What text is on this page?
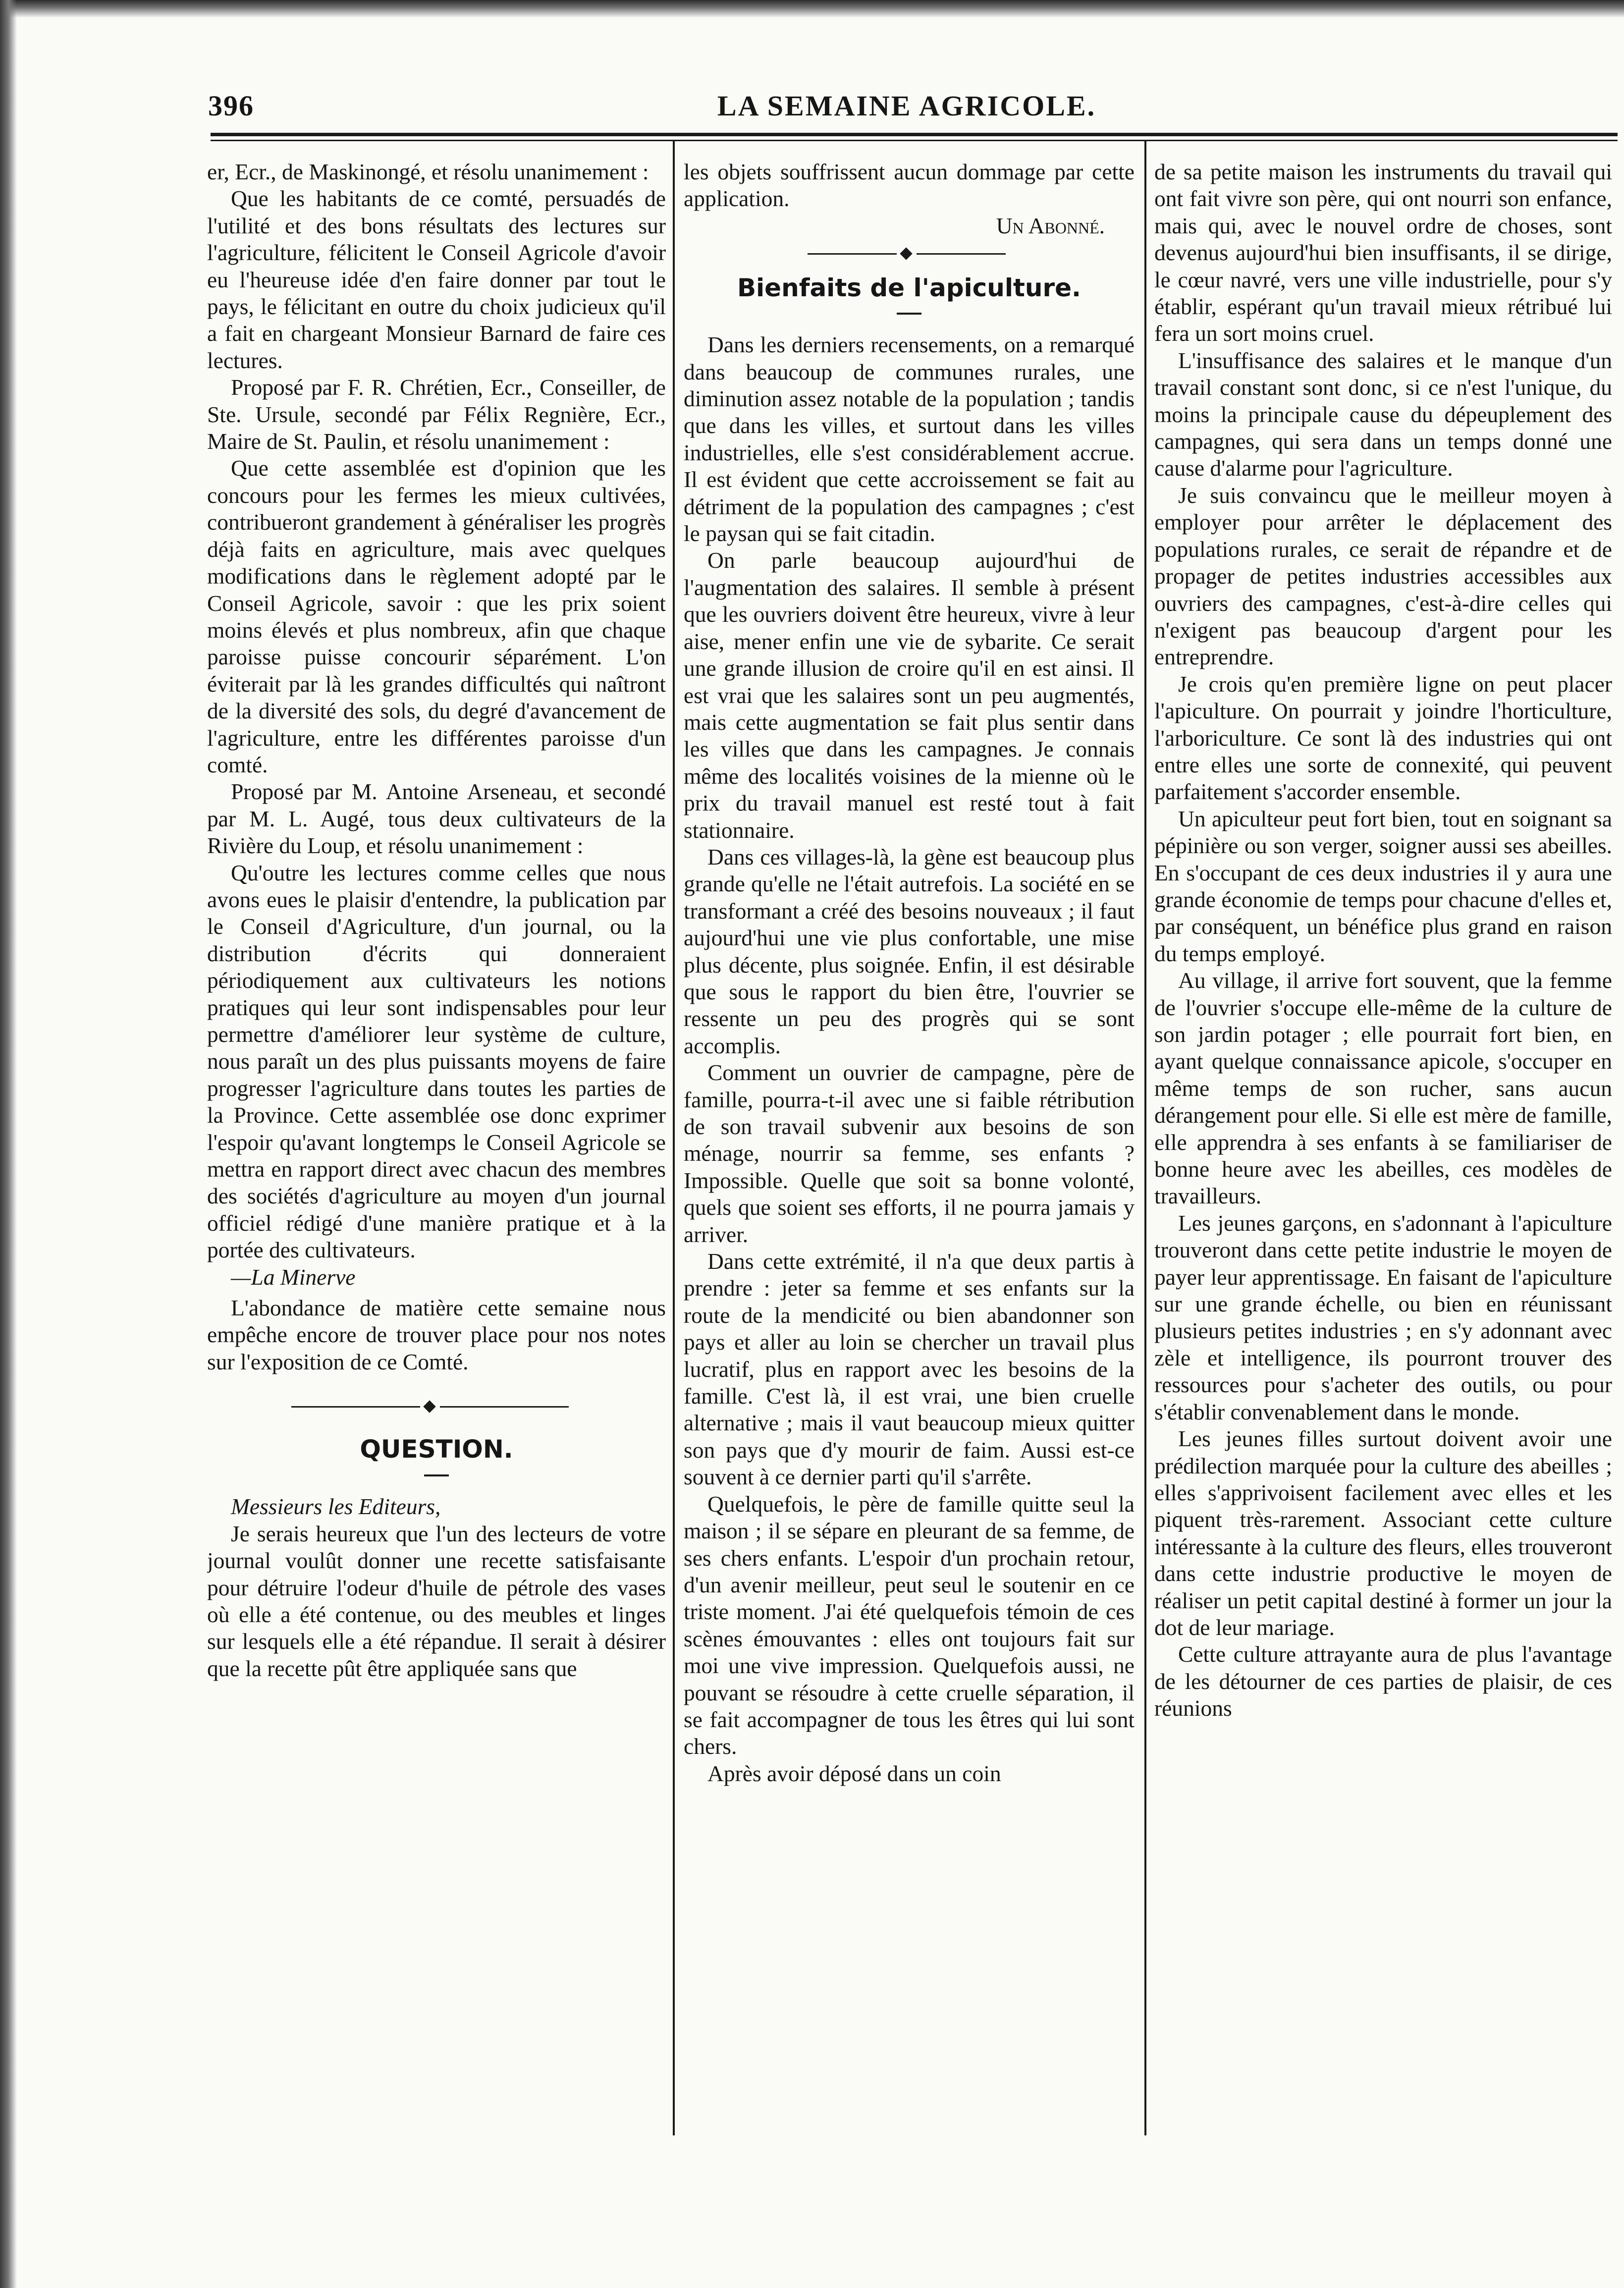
396	LA SEMAINE AGRICOLE.

er, Ecr., de Maskinongé, et résolu unanimement :

Que les habitants de ce comté, persuadés de l'utilité et des bons résultats des lectures sur l'agriculture, félicitent le Conseil Agricole d'avoir eu l'heureuse idée d'en faire donner par tout le pays, le félicitant en outre du choix judicieux qu'il a fait en chargeant Monsieur Barnard de faire ces lectures.

Proposé par F. R. Chrétien, Ecr., Conseiller, de Ste. Ursule, secondé par Félix Regnière, Ecr., Maire de St. Paulin, et résolu unanimement :

Que cette assemblée est d'opinion que les concours pour les fermes les mieux cultivées, contribueront grandement à généraliser les progrès déjà faits en agriculture, mais avec quelques modifications dans le règlement adopté par le Conseil Agricole, savoir : que les prix soient moins élevés et plus nombreux, afin que chaque paroisse puisse concourir séparément. L'on éviterait par là les grandes difficultés qui naîtront de la diversité des sols, du degré d'avancement de l'agriculture, entre les différentes paroisse d'un comté.

Proposé par M. Antoine Arseneau, et secondé par M. L. Augé, tous deux cultivateurs de la Rivière du Loup, et résolu unanimement :

Qu'outre les lectures comme celles que nous avons eues le plaisir d'entendre, la publication par le Conseil d'Agriculture, d'un journal, ou la distribution d'écrits qui donneraient périodiquement aux cultivateurs les notions pratiques qui leur sont indispensables pour leur permettre d'améliorer leur système de culture, nous paraît un des plus puissants moyens de faire progresser l'agriculture dans toutes les parties de la Province. Cette assemblée ose donc exprimer l'espoir qu'avant longtemps le Conseil Agricole se mettra en rapport direct avec chacun des membres des sociétés d'agriculture au moyen d'un journal officiel rédigé d'une manière pratique et à la portée des cultivateurs.

—La Minerve

L'abondance de matière cette semaine nous empêche encore de trouver place pour nos notes sur l'exposition de ce Comté.

QUESTION.

Messieurs les Editeurs,

Je serais heureux que l'un des lecteurs de votre journal voulût donner une recette satisfaisante pour détruire l'odeur d'huile de pétrole des vases où elle a été contenue, ou des meubles et linges sur lesquels elle a été répandue. Il serait à désirer que la recette pût être appliquée sans que

les objets souffrissent aucun dommage par cette application.

Un Abonné.

Bienfaits de l'apiculture.

Dans les derniers recensements, on a remarqué dans beaucoup de communes rurales, une diminution assez notable de la population ; tandis que dans les villes, et surtout dans les villes industrielles, elle s'est considérablement accrue. Il est évident que cette accroissement se fait au détriment de la population des campagnes ; c'est le paysan qui se fait citadin.

On parle beaucoup aujourd'hui de l'augmentation des salaires. Il semble à présent que les ouvriers doivent être heureux, vivre à leur aise, mener enfin une vie de sybarite. Ce serait une grande illusion de croire qu'il en est ainsi. Il est vrai que les salaires sont un peu augmentés, mais cette augmentation se fait plus sentir dans les villes que dans les campagnes. Je connais même des localités voisines de la mienne où le prix du travail manuel est resté tout à fait stationnaire.

Dans ces villages-là, la gène est beaucoup plus grande qu'elle ne l'était autrefois. La société en se transformant a créé des besoins nouveaux ; il faut aujourd'hui une vie plus confortable, une mise plus décente, plus soignée. Enfin, il est désirable que sous le rapport du bien être, l'ouvrier se ressente un peu des progrès qui se sont accomplis.

Comment un ouvrier de campagne, père de famille, pourra-t-il avec une si faible rétribution de son travail subvenir aux besoins de son ménage, nourrir sa femme, ses enfants ? Impossible. Quelle que soit sa bonne volonté, quels que soient ses efforts, il ne pourra jamais y arriver.

Dans cette extrémité, il n'a que deux partis à prendre : jeter sa femme et ses enfants sur la route de la mendicité ou bien abandonner son pays et aller au loin se chercher un travail plus lucratif, plus en rapport avec les besoins de la famille. C'est là, il est vrai, une bien cruelle alternative ; mais il vaut beaucoup mieux quitter son pays que d'y mourir de faim. Aussi est-ce souvent à ce dernier parti qu'il s'arrête.

Quelquefois, le père de famille quitte seul la maison ; il se sépare en pleurant de sa femme, de ses chers enfants. L'espoir d'un prochain retour, d'un avenir meilleur, peut seul le soutenir en ce triste moment. J'ai été quelquefois témoin de ces scènes émouvantes : elles ont toujours fait sur moi une vive impression. Quelquefois aussi, ne pouvant se résoudre à cette cruelle séparation, il se fait accompagner de tous les êtres qui lui sont chers.

Après avoir déposé dans un coin

de sa petite maison les instruments du travail qui ont fait vivre son père, qui ont nourri son enfance, mais qui, avec le nouvel ordre de choses, sont devenus aujourd'hui bien insuffisants, il se dirige, le cœur navré, vers une ville industrielle, pour s'y établir, espérant qu'un travail mieux rétribué lui fera un sort moins cruel.

L'insuffisance des salaires et le manque d'un travail constant sont donc, si ce n'est l'unique, du moins la principale cause du dépeuplement des campagnes, qui sera dans un temps donné une cause d'alarme pour l'agriculture.

Je suis convaincu que le meilleur moyen à employer pour arrêter le déplacement des populations rurales, ce serait de répandre et de propager de petites industries accessibles aux ouvriers des campagnes, c'est-à-dire celles qui n'exigent pas beaucoup d'argent pour les entreprendre.

Je crois qu'en première ligne on peut placer l'apiculture. On pourrait y joindre l'horticulture, l'arboriculture. Ce sont là des industries qui ont entre elles une sorte de connexité, qui peuvent parfaitement s'accorder ensemble.

Un apiculteur peut fort bien, tout en soignant sa pépinière ou son verger, soigner aussi ses abeilles. En s'occupant de ces deux industries il y aura une grande économie de temps pour chacune d'elles et, par conséquent, un bénéfice plus grand en raison du temps employé.

Au village, il arrive fort souvent, que la femme de l'ouvrier s'occupe elle-même de la culture de son jardin potager ; elle pourrait fort bien, en ayant quelque connaissance apicole, s'occuper en même temps de son rucher, sans aucun dérangement pour elle. Si elle est mère de famille, elle apprendra à ses enfants à se familiariser de bonne heure avec les abeilles, ces modèles de travailleurs.

Les jeunes garçons, en s'adonnant à l'apiculture trouveront dans cette petite industrie le moyen de payer leur apprentissage. En faisant de l'apiculture sur une grande échelle, ou bien en réunissant plusieurs petites industries ; en s'y adonnant avec zèle et intelligence, ils pourront trouver des ressources pour s'acheter des outils, ou pour s'établir convenablement dans le monde.

Les jeunes filles surtout doivent avoir une prédilection marquée pour la culture des abeilles ; elles s'apprivoisent facilement avec elles et les piquent très-rarement. Associant cette culture intéressante à la culture des fleurs, elles trouveront dans cette industrie productive le moyen de réaliser un petit capital destiné à former un jour la dot de leur mariage.

Cette culture attrayante aura de plus l'avantage de les détourner de ces parties de plaisir, de ces réunions
